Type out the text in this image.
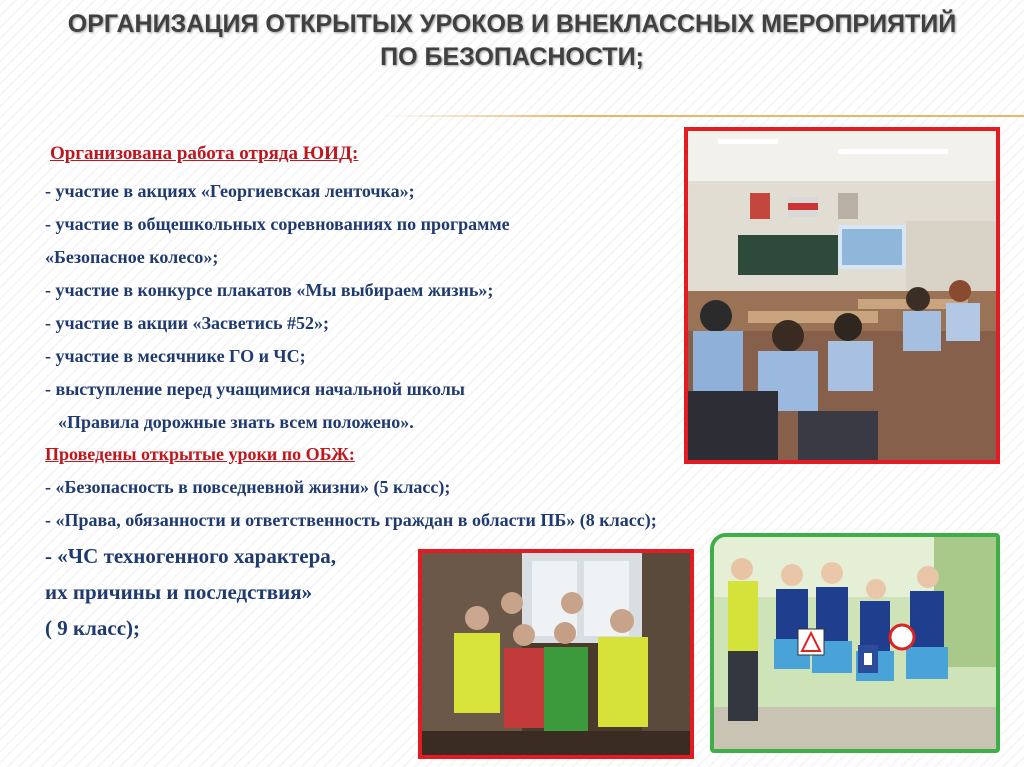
ОРГАНИЗАЦИЯ ОТКРЫТЫХ УРОКОВ И ВНЕКЛАССНЫХ МЕРОПРИЯТИЙ
ПО БЕЗОПАСНОСТИ;
Организована работа отряда ЮИД:
- участие в акциях «Георгиевская ленточка»;
- участие в общешкольных соревнованиях по программе
«Безопасное колесо»;
- участие в конкурсе плакатов «Мы выбираем жизнь»;
- участие в акции «Засветись #52»;
- участие в месячнике ГО и ЧС;
- выступление перед учащимися начальной школы
«Правила дорожные знать всем положено».
Проведены открытые уроки по ОБЖ:
- «Безопасность в повседневной жизни» (5 класс);
- «Права, обязанности и ответственность граждан в области ПБ» (8 класс);
- «ЧС техногенного характера,
их причины и последствия»
( 9 класс);
